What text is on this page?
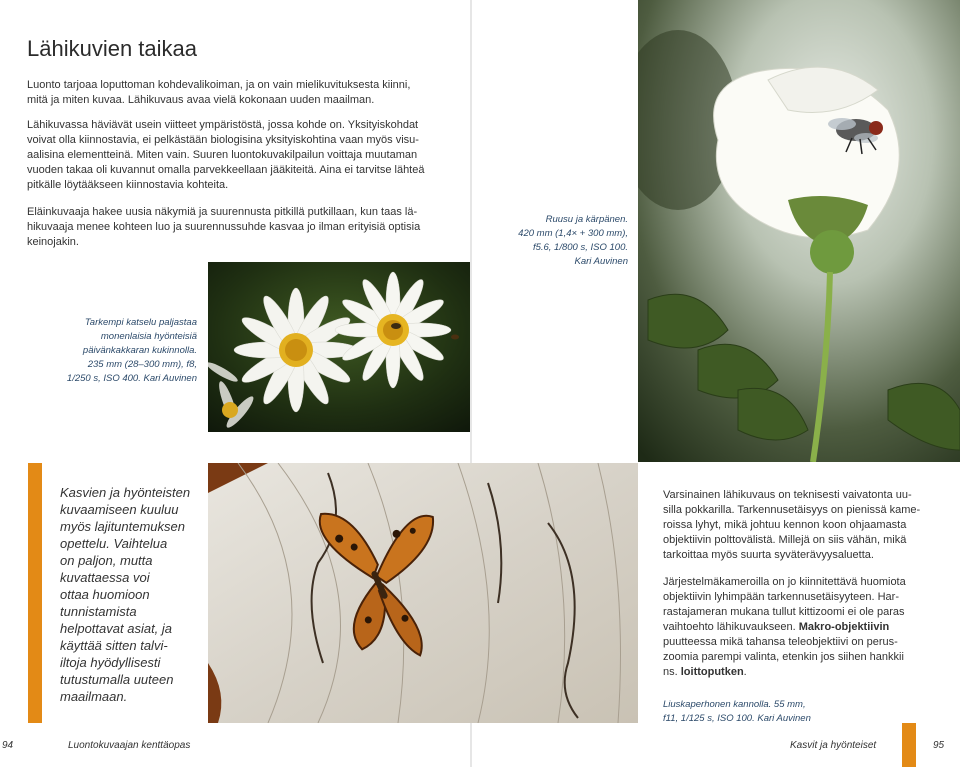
Lähikuvien taikaa

Luonto tarjoaa loputtoman kohdevalikoiman, ja on vain mielikuvituksesta kiinni,

mitä ja miten kuvaa. Lähikuvaus avaa vielä kokonaan uuden maailman.

Lähikuvassa häviävät usein viitteet ympäristöstä, jossa kohde on. Yksityiskohdat

voivat olla kiinnostavia, ei pelkästään biologisina yksityiskohtina vaan myös visu-

aalisina elementteinä. Miten vain. Suuren luontokuvakilpailun voittaja muutaman

vuoden takaa oli kuvannut omalla parvekkeellaan jääkiteitä. Aina ei tarvitse lähteä

pitkälle löytääkseen kiinnostavia kohteita.

Eläinkuvaaja hakee uusia näkymiä ja suurennusta pitkillä putkillaan, kun taas lä-

hikuvaaja menee kohteen luo ja suurennussuhde kasvaa jo ilman erityisiä optisia

keinojakin.

Tarkempi katselu paljastaa

monenlaisia hyönteisiä

päivänkakkaran kukinnolla.

235 mm (28–300 mm), f8,

1/250 s, ISO 400. Kari Auvinen

Kasvien ja hyönteisten

kuvaamiseen kuuluu

myös lajituntemuksen

opettelu. Vaihtelua

on paljon, mutta

kuvattaessa voi

ottaa huomioon

tunnistamista

helpottavat asiat, ja

käyttää sitten talvi-

iltoja hyödyllisesti

tutustumalla uuteen

maailmaan.

94	Luontokuvaajan kenttäopas

Ruusu ja kärpänen.

420 mm (1,4× + 300 mm),

f5.6, 1/800 s, ISO 100.

Kari Auvinen

Varsinainen lähikuvaus on teknisesti vaivatonta uu-

silla pokkarilla. Tarkennusetäisyys on pienissä kame-

roissa lyhyt, mikä johtuu kennon koon ohjaamasta

objektiivin polttovälistä. Millejä on siis vähän, mikä

tarkoittaa myös suurta syväterävyysaluetta.

Järjestelmäkameroilla on jo kiinnitettävä huomiota

objektiivin lyhimpään tarkennusetäisyyteen. Har-

rastajameran mukana tullut kittizoomi ei ole paras

vaihtoehto lähikuvaukseen. Makro-objektiivin

puutteessa mikä tahansa teleobjektiivi on perus-

zoomia parempi valinta, etenkin jos siihen hankkii

ns. loittoputken.

Liuskaperhonen kannolla. 55 mm,

f11, 1/125 s, ISO 100. Kari Auvinen

Kasvit ja hyönteiset	95
